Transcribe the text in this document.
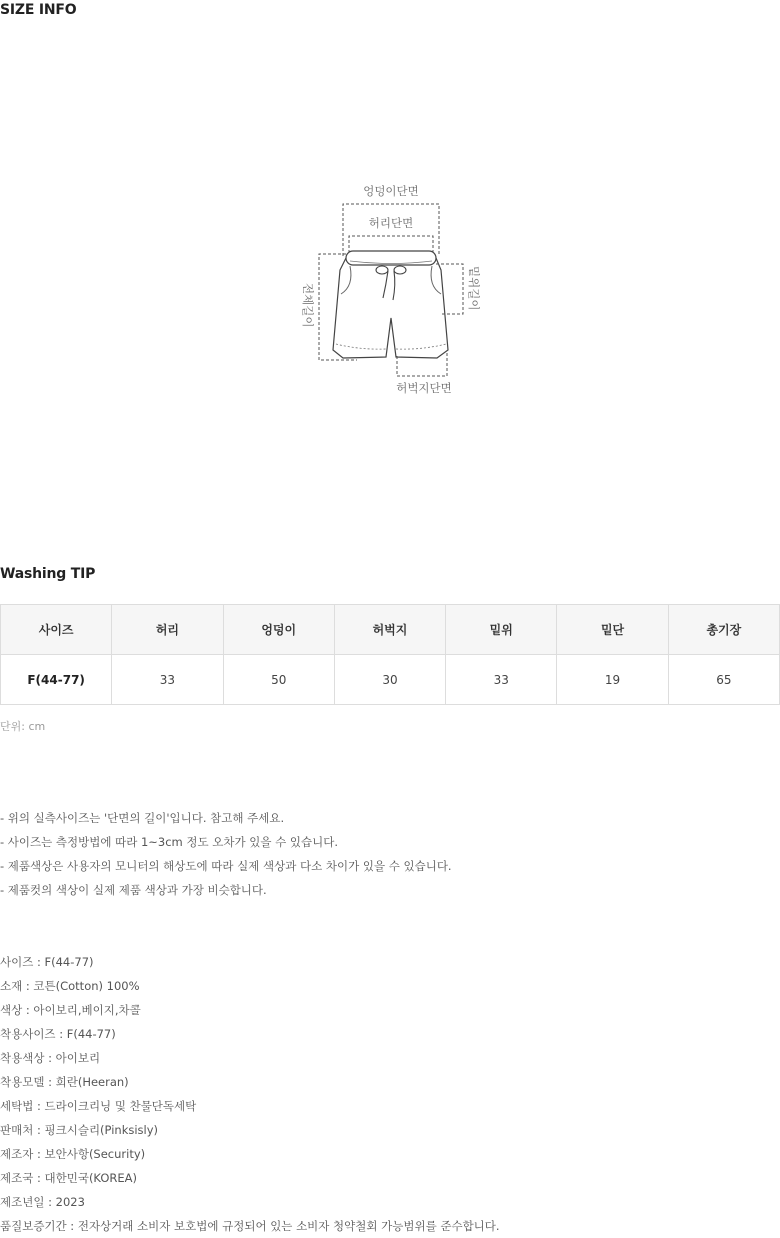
SIZE INFO
엉덩이단면
허리단면
전체길이	밑위길이
허벅지단면
Washing TIP
사이즈	허리	엉덩이	허벅지	밑위	밑단	총기장
F(44-77)	33	50	30	33	19	65
단위: cm
- 위의 실측사이즈는 '단면의 길이'입니다. 참고해 주세요.
- 사이즈는 측정방법에 따라 1~3cm 정도 오차가 있을 수 있습니다.
- 제품색상은 사용자의 모니터의 해상도에 따라 실제 색상과 다소 차이가 있을 수 있습니다.
- 제품컷의 색상이 실제 제품 색상과 가장 비슷합니다.
사이즈 : F(44-77)
소재 : 코튼(Cotton) 100%
색상 : 아이보리,베이지,차콜
착용사이즈 : F(44-77)
착용색상 : 아이보리
착용모델 : 희란(Heeran)
세탁법 : 드라이크리닝 및 찬물단독세탁
판매처 : 핑크시슬리(Pinksisly)
제조자 : 보안사항(Security)
제조국 : 대한민국(KOREA)
제조년일 : 2023
품질보증기간 : 전자상거래 소비자 보호법에 규정되어 있는 소비자 청약철회 가능범위를 준수합니다.
